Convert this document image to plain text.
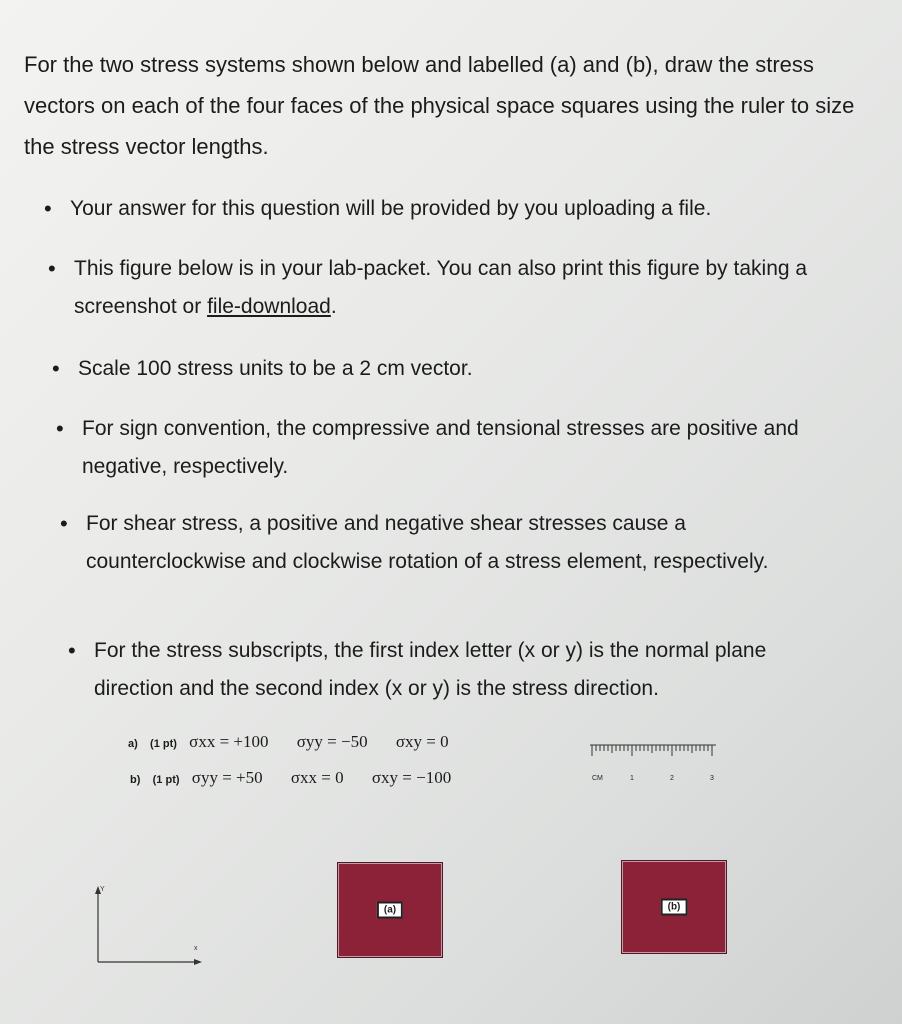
For the two stress systems shown below and labelled (a) and (b), draw the stress vectors on each of the four faces of the physical space squares using the ruler to size the stress vector lengths.

• Your answer for this question will be provided by you uploading a file.
• This figure below is in your lab-packet. You can also print this figure by taking a screenshot or file-download.
• Scale 100 stress units to be a 2 cm vector.
• For sign convention, the compressive and tensional stresses are positive and negative, respectively.
• For shear stress, a positive and negative shear stresses cause a counterclockwise and clockwise rotation of a stress element, respectively.
• For the stress subscripts, the first index letter (x or y) is the normal plane direction and the second index (x or y) is the stress direction.
a) (1 pt) σxx = +100 σyy = −50 σxy = 0
b) (1 pt) σyy = +50 σxx = 0 σxy = −100	CM	1	2	3
Y
x
(a)	(b)
